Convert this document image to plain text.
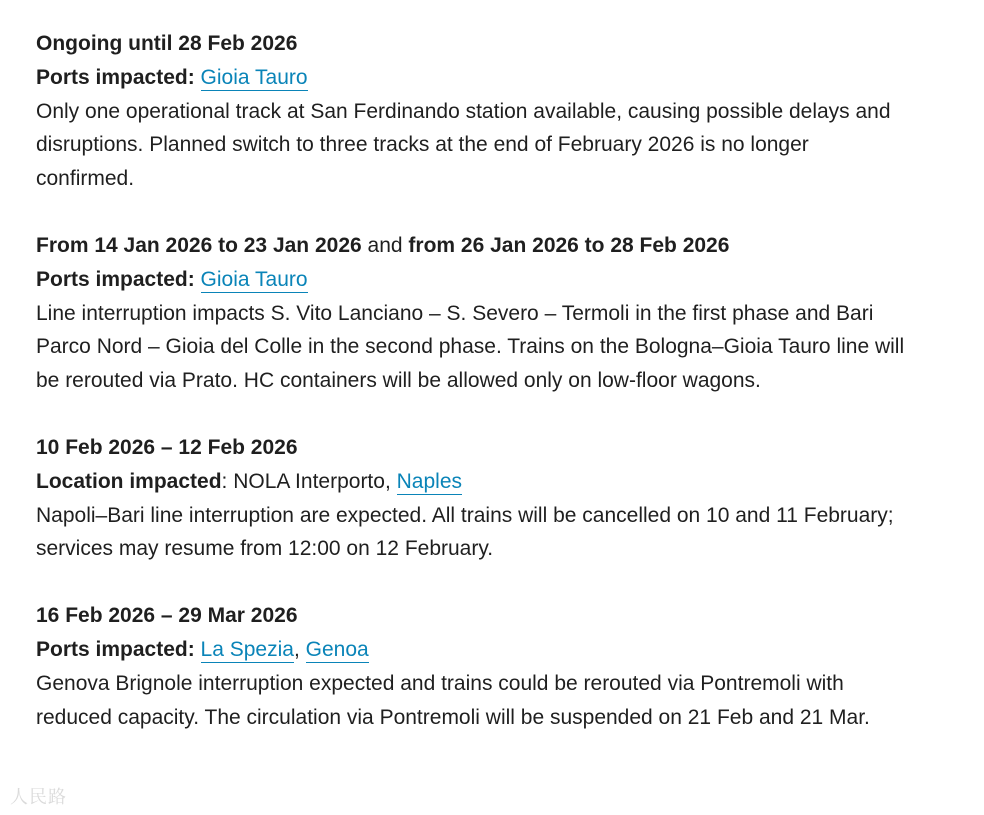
Ongoing until 28 Feb 2026

Ports impacted: Gioia Tauro

Only one operational track at San Ferdinando station available, causing possible delays and disruptions. Planned switch to three tracks at the end of February 2026 is no longer confirmed.

From 14 Jan 2026 to 23 Jan 2026 and from 26 Jan 2026 to 28 Feb 2026

Ports impacted: Gioia Tauro

Line interruption impacts S. Vito Lanciano – S. Severo – Termoli in the first phase and Bari Parco Nord – Gioia del Colle in the second phase. Trains on the Bologna–Gioia Tauro line will be rerouted via Prato. HC containers will be allowed only on low-floor wagons.

10 Feb 2026 – 12 Feb 2026

Location impacted: NOLA Interporto, Naples

Napoli–Bari line interruption are expected. All trains will be cancelled on 10 and 11 February; services may resume from 12:00 on 12 February.

16 Feb 2026 – 29 Mar 2026

Ports impacted: La Spezia, Genoa

Genova Brignole interruption expected and trains could be rerouted via Pontremoli with reduced capacity. The circulation via Pontremoli will be suspended on 21 Feb and 21 Mar.

人民路
